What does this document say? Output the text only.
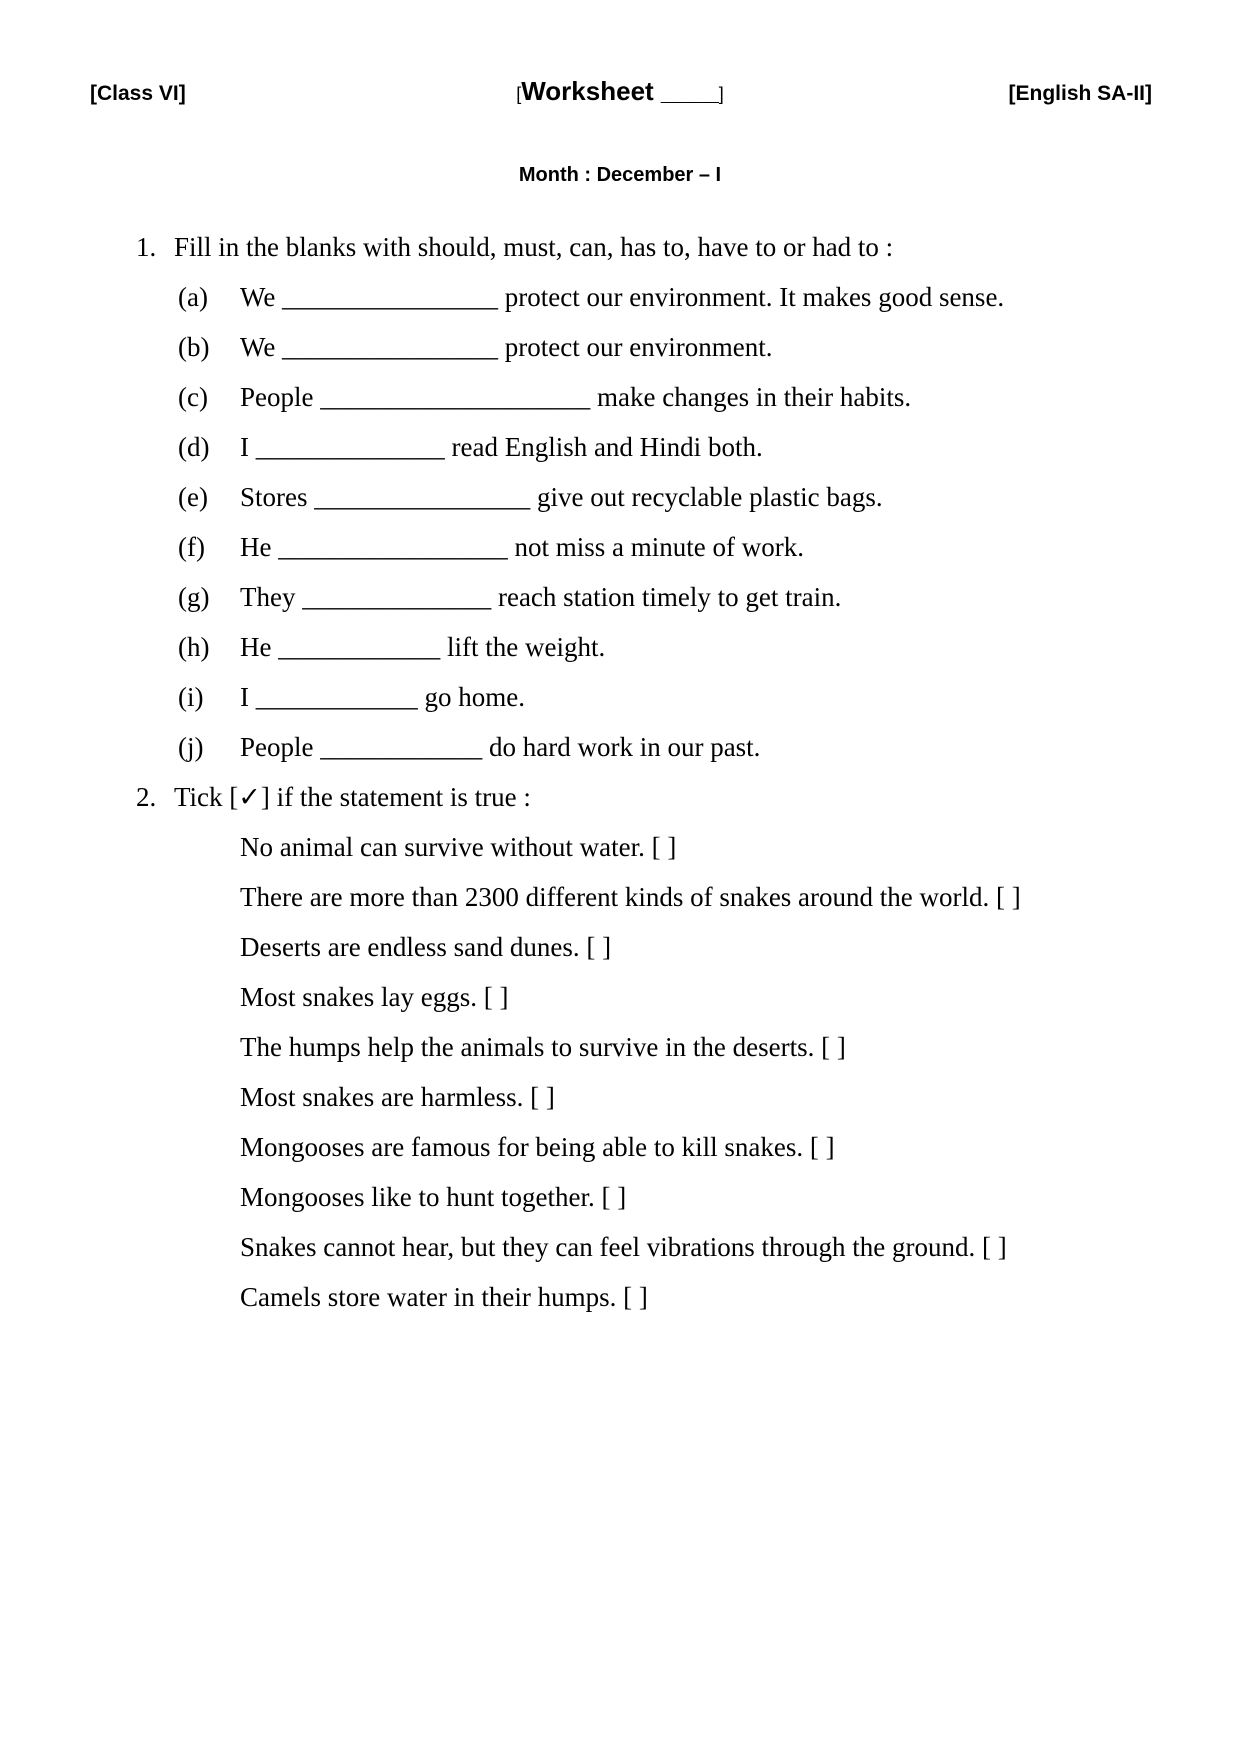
[Class VI]	[Worksheet ____]	[English SA-II]
Month : December – I
1. Fill in the blanks with should, must, can, has to, have to or had to :
(a)	We ________________ protect our environment. It makes good sense.
(b)	We ________________ protect our environment.
(c)	People ____________________ make changes in their habits.
(d)	I ______________ read English and Hindi both.
(e)	Stores ________________ give out recyclable plastic bags.
(f)	He _________________ not miss a minute of work.
(g)	They ______________ reach station timely to get train.
(h)	He ____________ lift the weight.
(i)	I ____________ go home.
(j)	People ____________ do hard work in our past.
2. Tick [✓] if the statement is true :
No animal can survive without water. [ ]
There are more than 2300 different kinds of snakes around the world. [ ]
Deserts are endless sand dunes. [ ]
Most snakes lay eggs. [ ]
The humps help the animals to survive in the deserts. [ ]
Most snakes are harmless. [ ]
Mongooses are famous for being able to kill snakes. [ ]
Mongooses like to hunt together. [ ]
Snakes cannot hear, but they can feel vibrations through the ground. [ ]
Camels store water in their humps. [ ]
